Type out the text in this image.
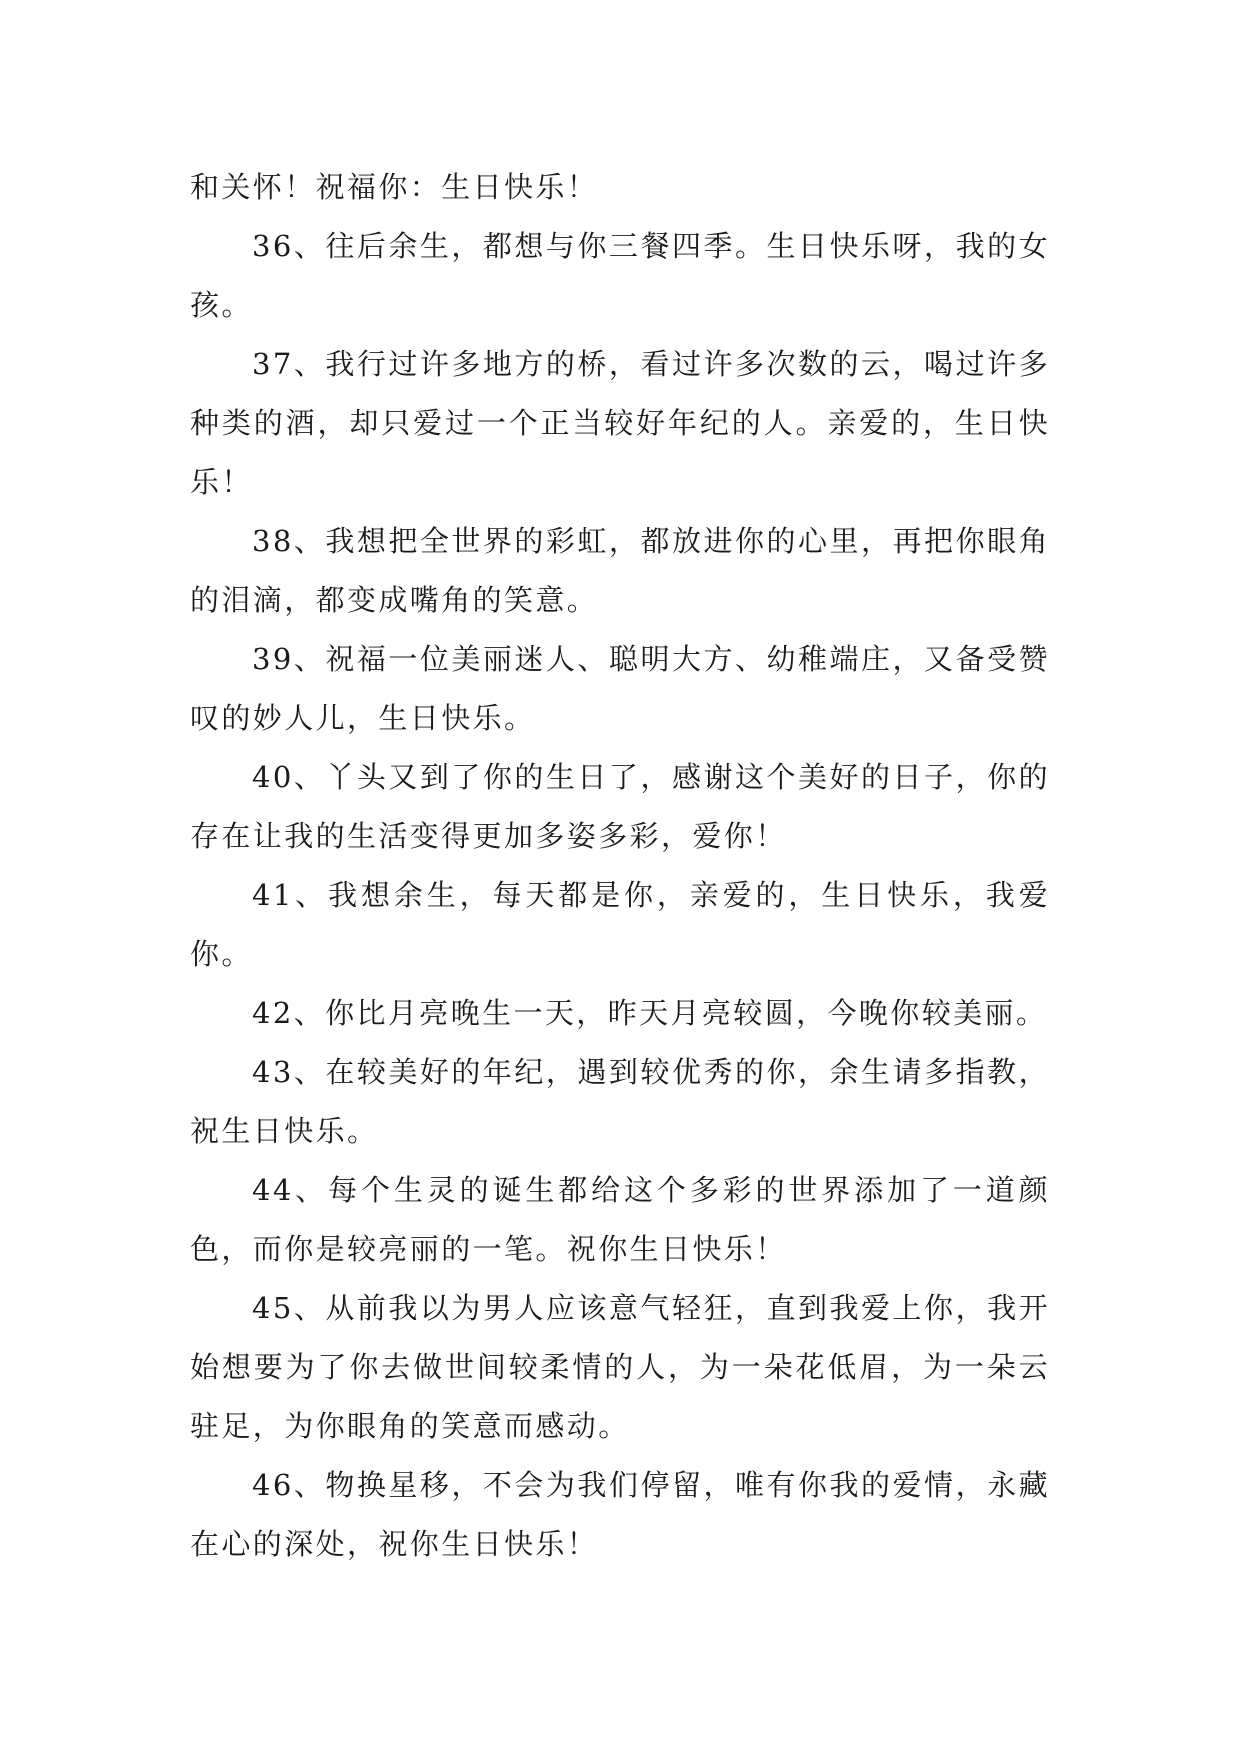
和关怀！祝福你：生日快乐！

36、往后余生，都想与你三餐四季。生日快乐呀，我的女孩。

37、我行过许多地方的桥，看过许多次数的云，喝过许多种类的酒，却只爱过一个正当较好年纪的人。亲爱的，生日快乐！

38、我想把全世界的彩虹，都放进你的心里，再把你眼角的泪滴，都变成嘴角的笑意。

39、祝福一位美丽迷人、聪明大方、幼稚端庄，又备受赞叹的妙人儿，生日快乐。

40、丫头又到了你的生日了，感谢这个美好的日子，你的存在让我的生活变得更加多姿多彩，爱你！

41、我想余生，每天都是你，亲爱的，生日快乐，我爱你。

42、你比月亮晚生一天，昨天月亮较圆，今晚你较美丽。

43、在较美好的年纪，遇到较优秀的你，余生请多指教，祝生日快乐。

44、每个生灵的诞生都给这个多彩的世界添加了一道颜色，而你是较亮丽的一笔。祝你生日快乐！

45、从前我以为男人应该意气轻狂，直到我爱上你，我开始想要为了你去做世间较柔情的人，为一朵花低眉，为一朵云驻足，为你眼角的笑意而感动。

46、物换星移，不会为我们停留，唯有你我的爱情，永藏在心的深处，祝你生日快乐！
